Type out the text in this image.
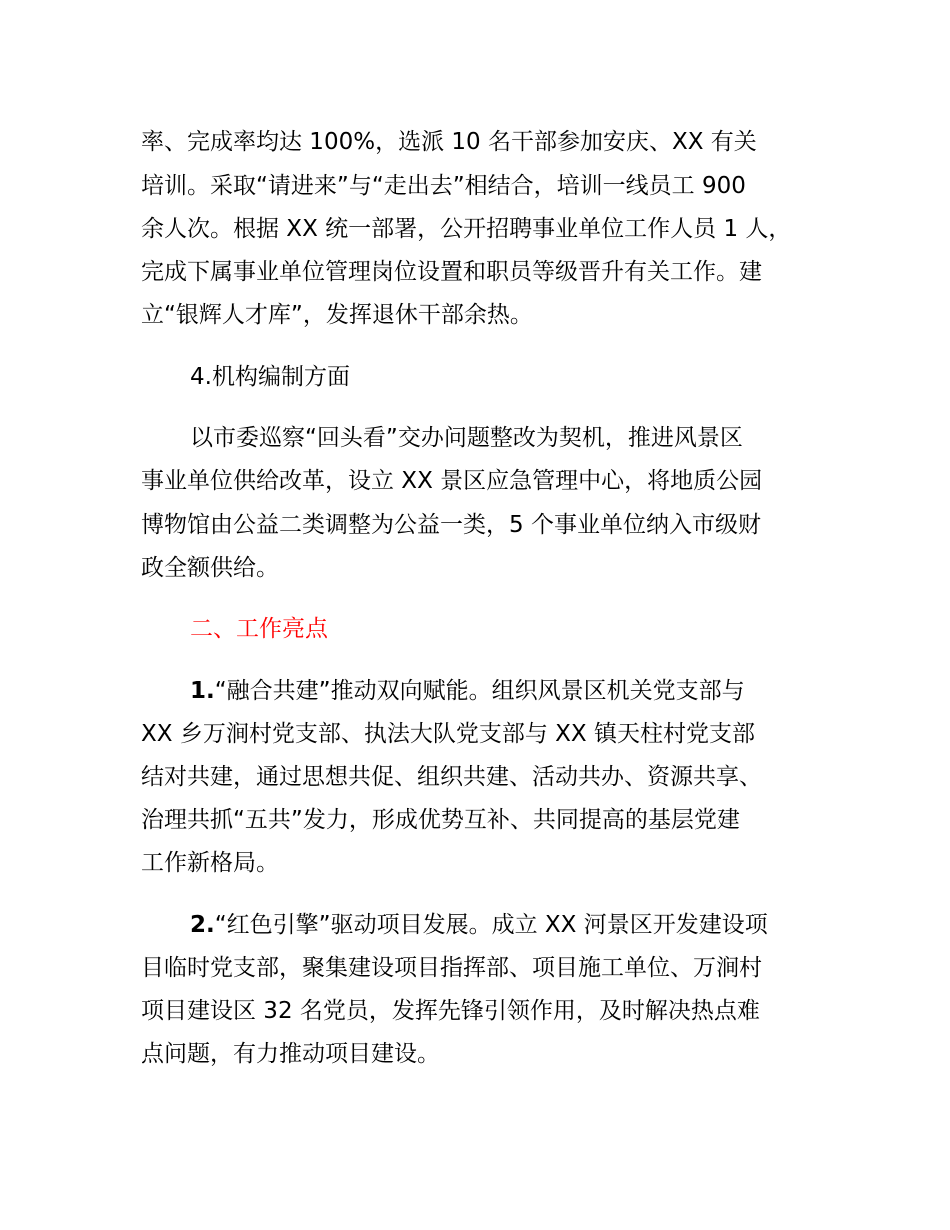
率、完成率均达 100%，选派 10 名干部参加安庆、XX 有关
培训。采取“请进来”与“走出去”相结合，培训一线员工 900
余人次。根据 XX 统一部署，公开招聘事业单位工作人员 1 人，
完成下属事业单位管理岗位设置和职员等级晋升有关工作。建
立“银辉人才库”，发挥退休干部余热。
4.机构编制方面
以市委巡察“回头看”交办问题整改为契机，推进风景区
事业单位供给改革，设立 XX 景区应急管理中心，将地质公园
博物馆由公益二类调整为公益一类，5 个事业单位纳入市级财
政全额供给。
二、工作亮点
1.“融合共建”推动双向赋能。组织风景区机关党支部与
XX 乡万涧村党支部、执法大队党支部与 XX 镇天柱村党支部
结对共建，通过思想共促、组织共建、活动共办、资源共享、
治理共抓“五共”发力，形成优势互补、共同提高的基层党建
工作新格局。
2.“红色引擎”驱动项目发展。成立 XX 河景区开发建设项
目临时党支部，聚集建设项目指挥部、项目施工单位、万涧村
项目建设区 32 名党员，发挥先锋引领作用，及时解决热点难
点问题，有力推动项目建设。
